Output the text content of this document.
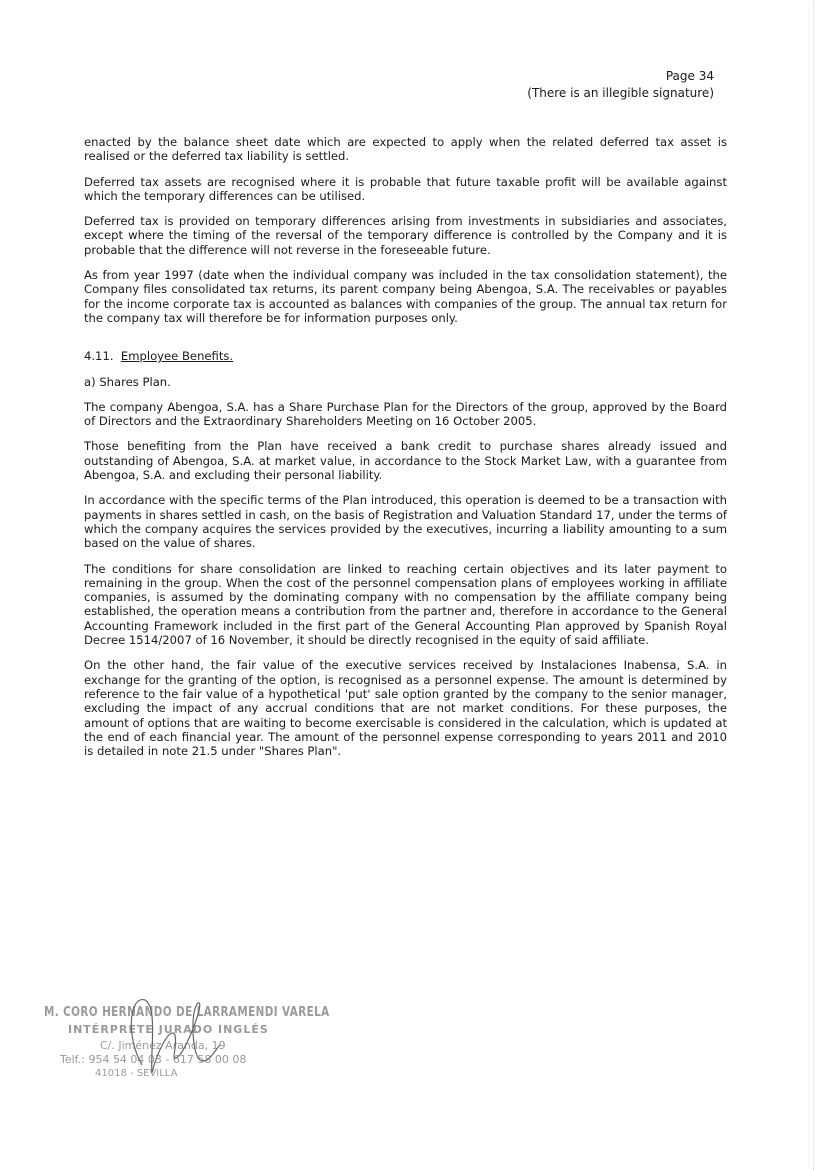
Page 34
(There is an illegible signature)

enacted by the balance sheet date which are expected to apply when the related deferred tax asset is realised or the deferred tax liability is settled.

Deferred tax assets are recognised where it is probable that future taxable profit will be available against which the temporary differences can be utilised.

Deferred tax is provided on temporary differences arising from investments in subsidiaries and associates, except where the timing of the reversal of the temporary difference is controlled by the Company and it is probable that the difference will not reverse in the foreseeable future.

As from year 1997 (date when the individual company was included in the tax consolidation statement), the Company files consolidated tax returns, its parent company being Abengoa, S.A. The receivables or payables for the income corporate tax is accounted as balances with companies of the group. The annual tax return for the company tax will therefore be for information purposes only.

4.11. Employee Benefits.

a) Shares Plan.

The company Abengoa, S.A. has a Share Purchase Plan for the Directors of the group, approved by the Board of Directors and the Extraordinary Shareholders Meeting on 16 October 2005.

Those benefiting from the Plan have received a bank credit to purchase shares already issued and outstanding of Abengoa, S.A. at market value, in accordance to the Stock Market Law, with a guarantee from Abengoa, S.A. and excluding their personal liability.

In accordance with the specific terms of the Plan introduced, this operation is deemed to be a transaction with payments in shares settled in cash, on the basis of Registration and Valuation Standard 17, under the terms of which the company acquires the services provided by the executives, incurring a liability amounting to a sum based on the value of shares.

The conditions for share consolidation are linked to reaching certain objectives and its later payment to remaining in the group. When the cost of the personnel compensation plans of employees working in affiliate companies, is assumed by the dominating company with no compensation by the affiliate company being established, the operation means a contribution from the partner and, therefore in accordance to the General Accounting Framework included in the first part of the General Accounting Plan approved by Spanish Royal Decree 1514/2007 of 16 November, it should be directly recognised in the equity of said affiliate.

On the other hand, the fair value of the executive services received by Instalaciones Inabensa, S.A. in exchange for the granting of the option, is recognised as a personnel expense. The amount is determined by reference to the fair value of a hypothetical 'put' sale option granted by the company to the senior manager, excluding the impact of any accrual conditions that are not market conditions. For these purposes, the amount of options that are waiting to become exercisable is considered in the calculation, which is updated at the end of each financial year. The amount of the personnel expense corresponding to years 2011 and 2010 is detailed in note 21.5 under "Shares Plan".

M. CORO HERNANDO DE LARRAMENDI VARELA
INTÉRPRETE JURADO INGLÉS
C/. Jiménez Aranda, 19
Telf.: 954 54 04 03 - 617 58 00 08
41018 - SEVILLA
